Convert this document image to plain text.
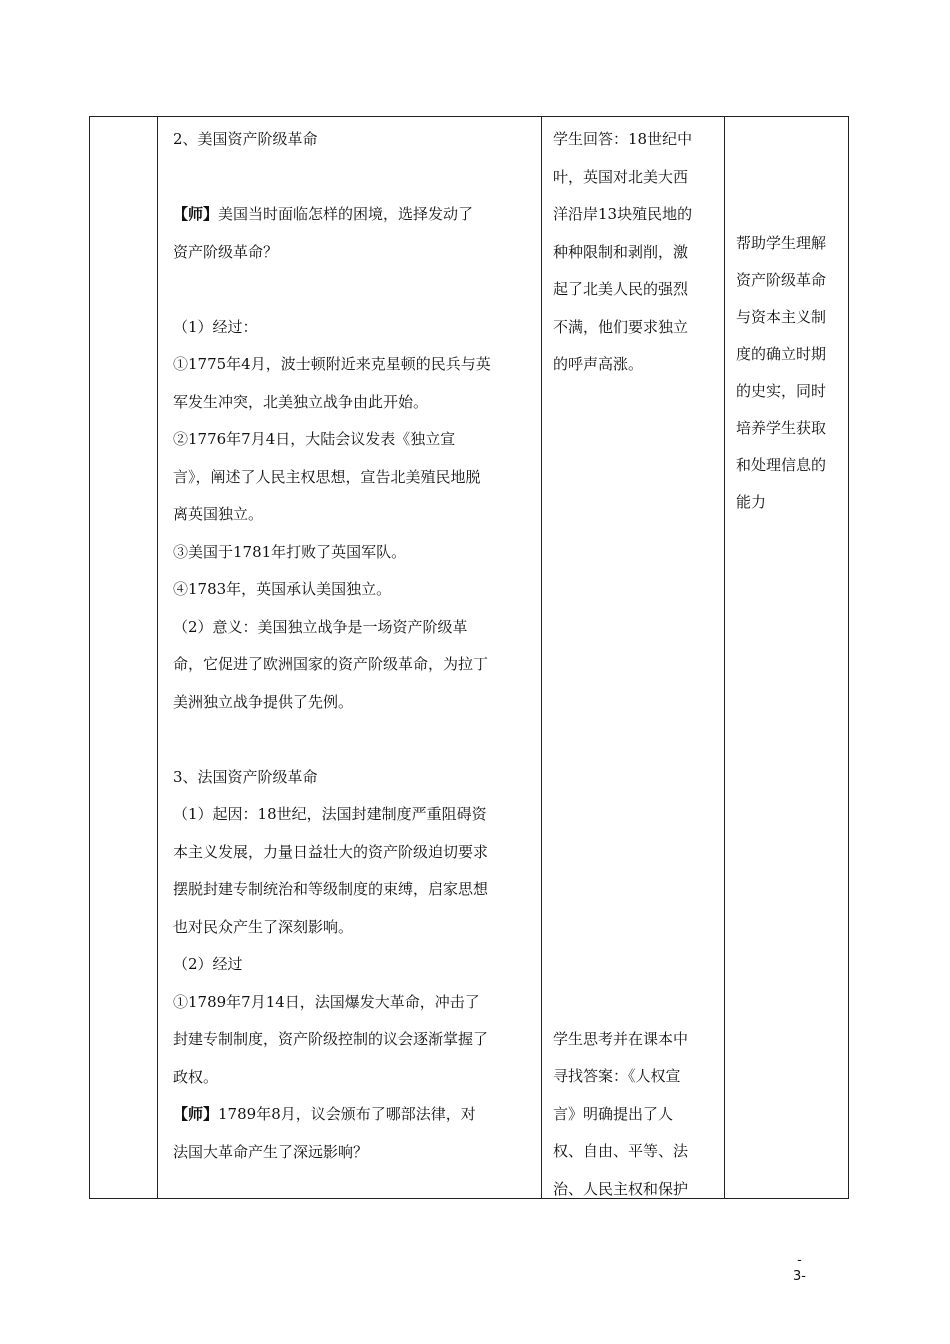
2、美国资产阶级革命

【师】美国当时面临怎样的困境，选择发动了

资产阶级革命？

（1）经过：

①1775年4月，波士顿附近来克星顿的民兵与英

军发生冲突，北美独立战争由此开始。

②1776年7月4日，大陆会议发表《独立宣

言》，阐述了人民主权思想，宣告北美殖民地脱

离英国独立。

③美国于1781年打败了英国军队。

④1783年，英国承认美国独立。

（2）意义：美国独立战争是一场资产阶级革

命，它促进了欧洲国家的资产阶级革命，为拉丁

美洲独立战争提供了先例。

3、法国资产阶级革命

（1）起因：18世纪，法国封建制度严重阻碍资

本主义发展，力量日益壮大的资产阶级迫切要求

摆脱封建专制统治和等级制度的束缚，启家思想

也对民众产生了深刻影响。

（2）经过

①1789年7月14日，法国爆发大革命，冲击了

封建专制制度，资产阶级控制的议会逐渐掌握了

政权。

【师】1789年8月，议会颁布了哪部法律，对

法国大革命产生了深远影响？

学生回答：18世纪中

叶，英国对北美大西

洋沿岸13块殖民地的

种种限制和剥削，激

起了北美人民的强烈

不满，他们要求独立

的呼声高涨。

学生思考并在课本中

寻找答案：《人权宣

言》明确提出了人

权、自由、平等、法

治、人民主权和保护

帮助学生理解

资产阶级革命

与资本主义制

度的确立时期

的史实，同时

培养学生获取

和处理信息的

能力

-
3-
